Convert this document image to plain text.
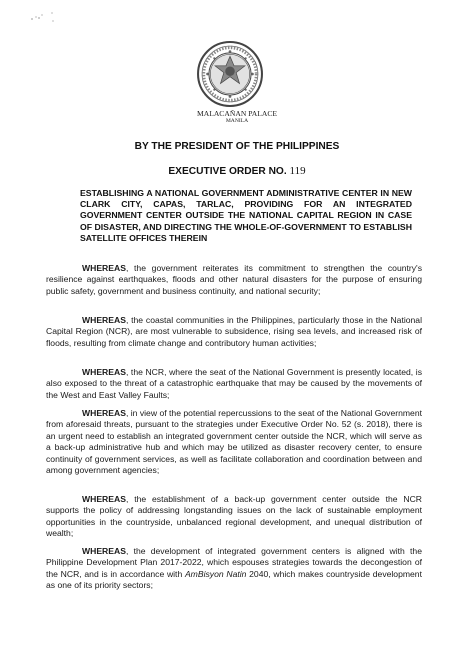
MALACAÑAN PALACE
MANILA
BY THE PRESIDENT OF THE PHILIPPINES
EXECUTIVE ORDER NO. 119
ESTABLISHING A NATIONAL GOVERNMENT ADMINISTRATIVE CENTER IN NEW CLARK CITY, CAPAS, TARLAC, PROVIDING FOR AN INTEGRATED GOVERNMENT CENTER OUTSIDE THE NATIONAL CAPITAL REGION IN CASE OF DISASTER, AND DIRECTING THE WHOLE-OF-GOVERNMENT TO ESTABLISH SATELLITE OFFICES THEREIN
WHEREAS, the government reiterates its commitment to strengthen the country's resilience against earthquakes, floods and other natural disasters for the purpose of ensuring public safety, government and business continuity, and national security;
WHEREAS, the coastal communities in the Philippines, particularly those in the National Capital Region (NCR), are most vulnerable to subsidence, rising sea levels, and increased risk of floods, resulting from climate change and contributory human activities;
WHEREAS, the NCR, where the seat of the National Government is presently located, is also exposed to the threat of a catastrophic earthquake that may be caused by the movements of the West and East Valley Faults;
WHEREAS, in view of the potential repercussions to the seat of the National Government from aforesaid threats, pursuant to the strategies under Executive Order No. 52 (s. 2018), there is an urgent need to establish an integrated government center outside the NCR, which will serve as a back-up administrative hub and which may be utilized as disaster recovery center, to ensure continuity of government services, as well as facilitate collaboration and coordination between and among government agencies;
WHEREAS, the establishment of a back-up government center outside the NCR supports the policy of addressing longstanding issues on the lack of sustainable employment opportunities in the countryside, unbalanced regional development, and unequal distribution of wealth;
WHEREAS, the development of integrated government centers is aligned with the Philippine Development Plan 2017-2022, which espouses strategies towards the decongestion of the NCR, and is in accordance with AmBisyon Natin 2040, which makes countryside development as one of its priority sectors;
